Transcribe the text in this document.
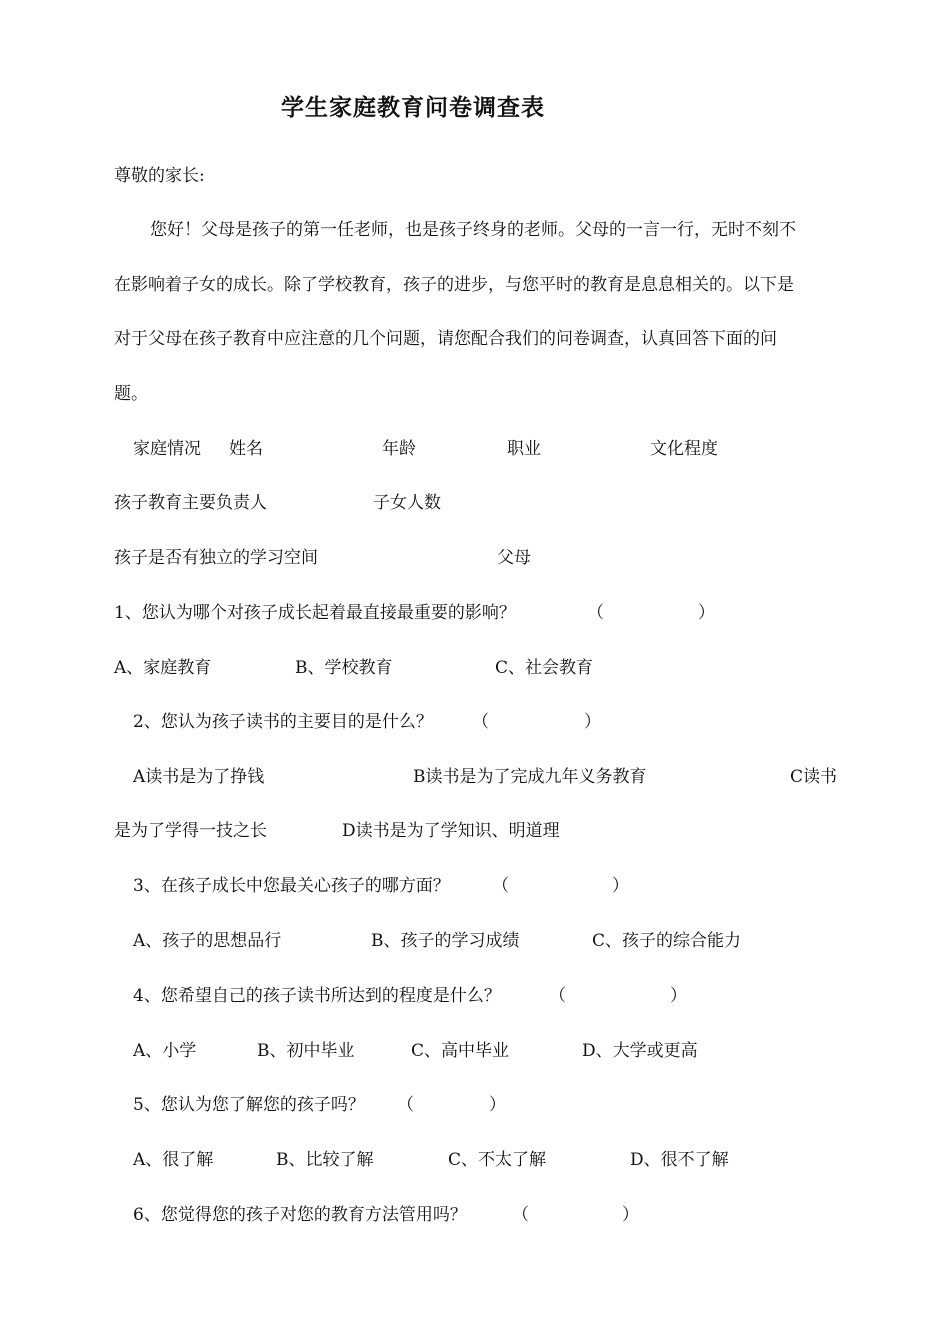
学生家庭教育问卷调查表
尊敬的家长:
您好！父母是孩子的第一任老师，也是孩子终身的老师。父母的一言一行，无时不刻不
在影响着子女的成长。除了学校教育，孩子的进步，与您平时的教育是息息相关的。以下是
对于父母在孩子教育中应注意的几个问题，请您配合我们的问卷调查，认真回答下面的问
题。
家庭情况 姓名	年龄	职业	文化程度
孩子教育主要负责人	子女人数
孩子是否有独立的学习空间	父母
1、您认为哪个对孩子成长起着最直接最重要的影响？	（	）
A、家庭教育	B、学校教育	C、社会教育
2、您认为孩子读书的主要目的是什么？ （	）
A读书是为了挣钱	B读书是为了完成九年义务教育	C读书
是为了学得一技之长	D读书是为了学知识、明道理
3、在孩子成长中您最关心孩子的哪方面？ （	）
A、孩子的思想品行	B、孩子的学习成绩	C、孩子的综合能力
4、您希望自己的孩子读书所达到的程度是什么？	（	）
A、小学	B、初中毕业	C、高中毕业	D、大学或更高
5、您认为您了解您的孩子吗？ （	）
A、很了解	B、比较了解	C、不太了解	D、很不了解
6、您觉得您的孩子对您的教育方法管用吗？	（	）
